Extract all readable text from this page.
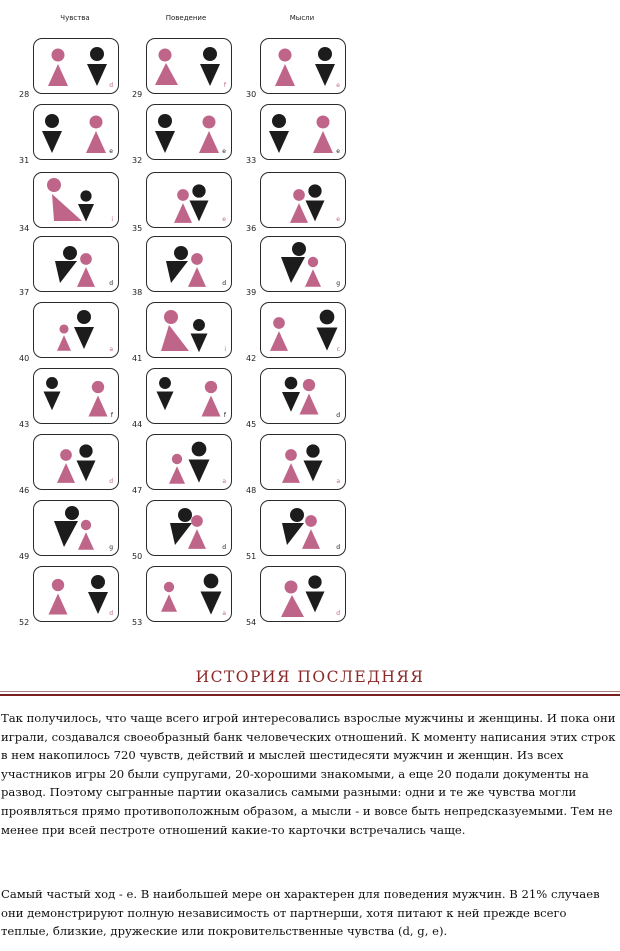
Чувства	Поведение	Мысли
d
28
f
29
e
30
e
31
e
32
e
33
i
34
e
35
e
36
d
37
d
38
g
39
a
40
i
41
c
42
f
43
f
44
d
45
d
46
a
47
a
48
g
49
d
50
d
51
d
52
a
53
d
54
ИСТОРИЯ ПОСЛЕДНЯЯ

Так получилось, что чаще всего игрой интересовались взрослые мужчины и женщины. И пока они играли, создавался своеобразный банк человеческих отношений. К моменту написания этих строк в нем накопилось 720 чувств, действий и мыслей шестидесяти мужчин и женщин. Из всех участников игры 20 были супругами, 20-хорошими знакомыми, а еще 20 подали документы на развод. Поэтому сыгранные партии оказались самыми разными: одни и те же чувства могли проявляться прямо противоположным образом, а мысли - и вовсе быть непредсказуемыми. Тем не менее при всей пестроте отношений какие-то карточки встречались чаще.

Самый частый ход - e. В наибольшей мере он характерен для поведения мужчин. В 21% случаев они демонстрируют полную независимость от партнерши, хотя питают к ней прежде всего теплые, близкие, дружеские или покровительственные чувства (d, g, e).
